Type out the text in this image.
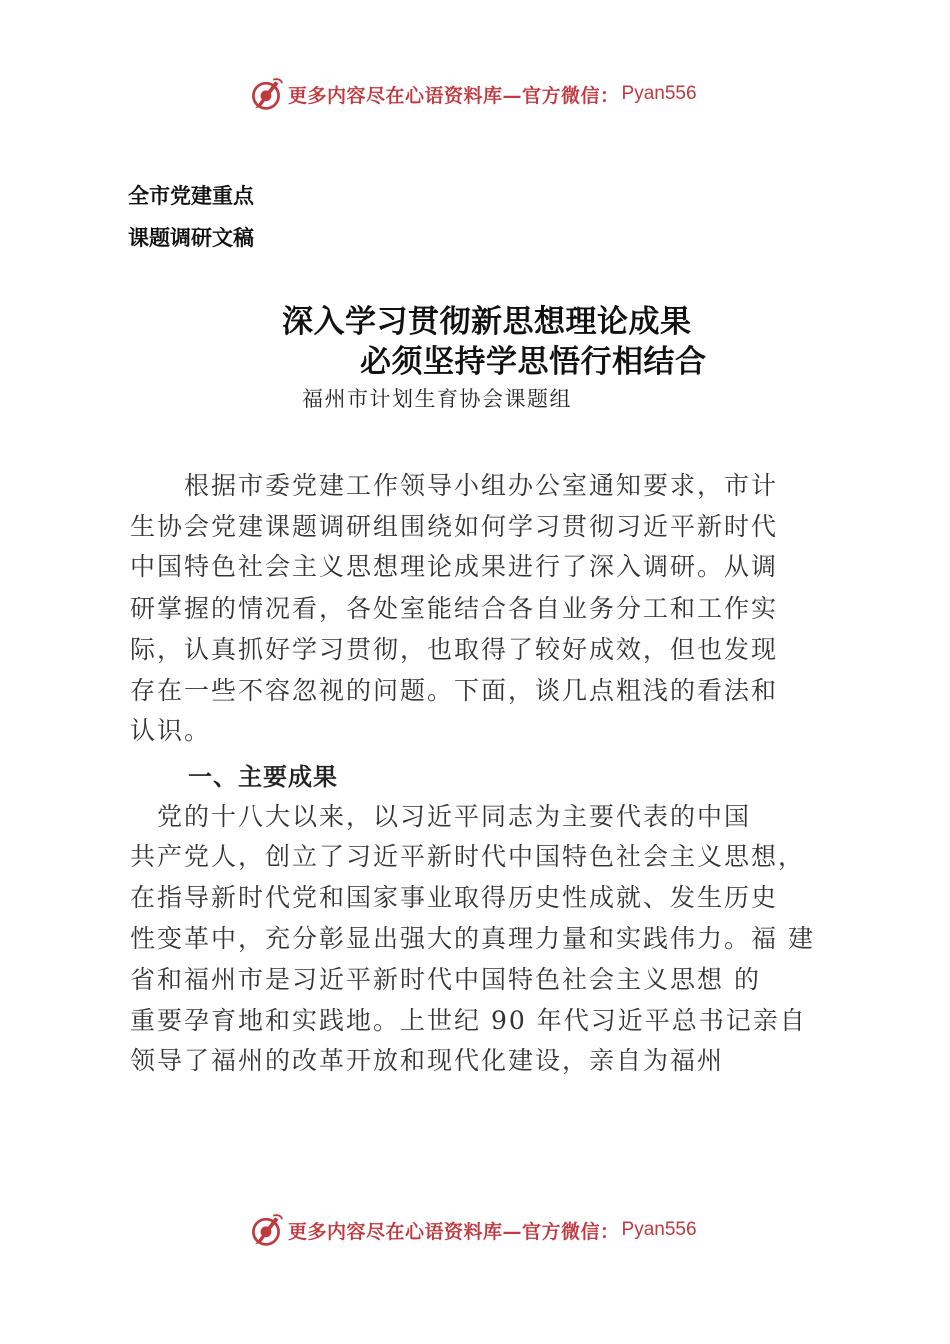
更多内容尽在心语资料库—官方微信： Pyan556
全市党建重点
课题调研文稿
深入学习贯彻新思想理论成果
必须坚持学思悟行相结合
福州市计划生育协会课题组
　　根据市委党建工作领导小组办公室通知要求，市计
生协会党建课题调研组围绕如何学习贯彻习近平新时代
中国特色社会主义思想理论成果进行了深入调研。从调
研掌握的情况看，各处室能结合各自业务分工和工作实
际，认真抓好学习贯彻，也取得了较好成效，但也发现
存在一些不容忽视的问题。下面，谈几点粗浅的看法和
认识。
一、主要成果
　党的十八大以来，以习近平同志为主要代表的中国
共产党人，创立了习近平新时代中国特色社会主义思想，
在指导新时代党和国家事业取得历史性成就、发生历史
性变革中，充分彰显出强大的真理力量和实践伟力。福 建
省和福州市是习近平新时代中国特色社会主义思想 的
重要孕育地和实践地。上世纪 90 年代习近平总书记亲自
领导了福州的改革开放和现代化建设，亲自为福州
更多内容尽在心语资料库—官方微信： Pyan556
